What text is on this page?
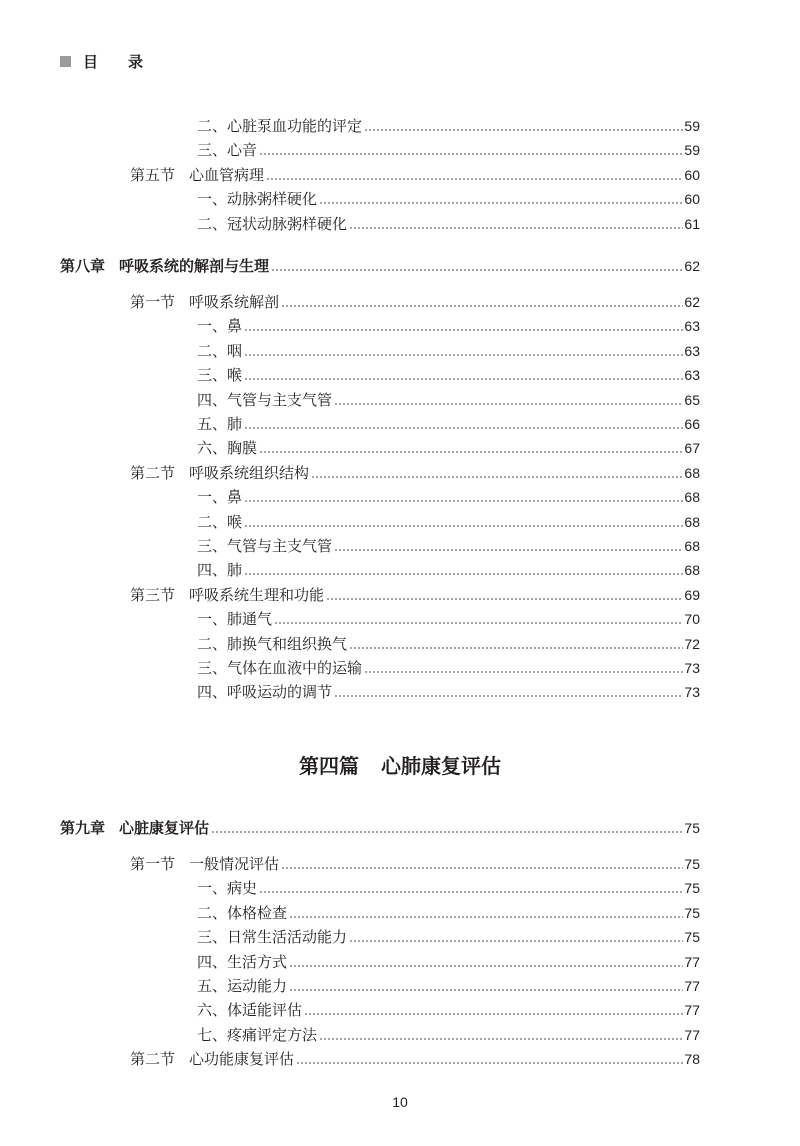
目录
二、心脏泵血功能的评定	59
三、心音	59
第五节 心血管病理	60
一、动脉粥样硬化	60
二、冠状动脉粥样硬化	61
第八章 呼吸系统的解剖与生理	62
第一节 呼吸系统解剖	62
一、鼻	63
二、咽	63
三、喉	63
四、气管与主支气管	65
五、肺	66
六、胸膜	67
第二节 呼吸系统组织结构	68
一、鼻	68
二、喉	68
三、气管与主支气管	68
四、肺	68
第三节 呼吸系统生理和功能	69
一、肺通气	70
二、肺换气和组织换气	72
三、气体在血液中的运输	73
四、呼吸运动的调节	73
第九章 心脏康复评估	75
第一节 一般情况评估	75
一、病史	75
二、体格检查	75
三、日常生活活动能力	75
四、生活方式	77
五、运动能力	77
六、体适能评估	77
七、疼痛评定方法	77
第二节 心功能康复评估	78
第四篇 心肺康复评估
10
